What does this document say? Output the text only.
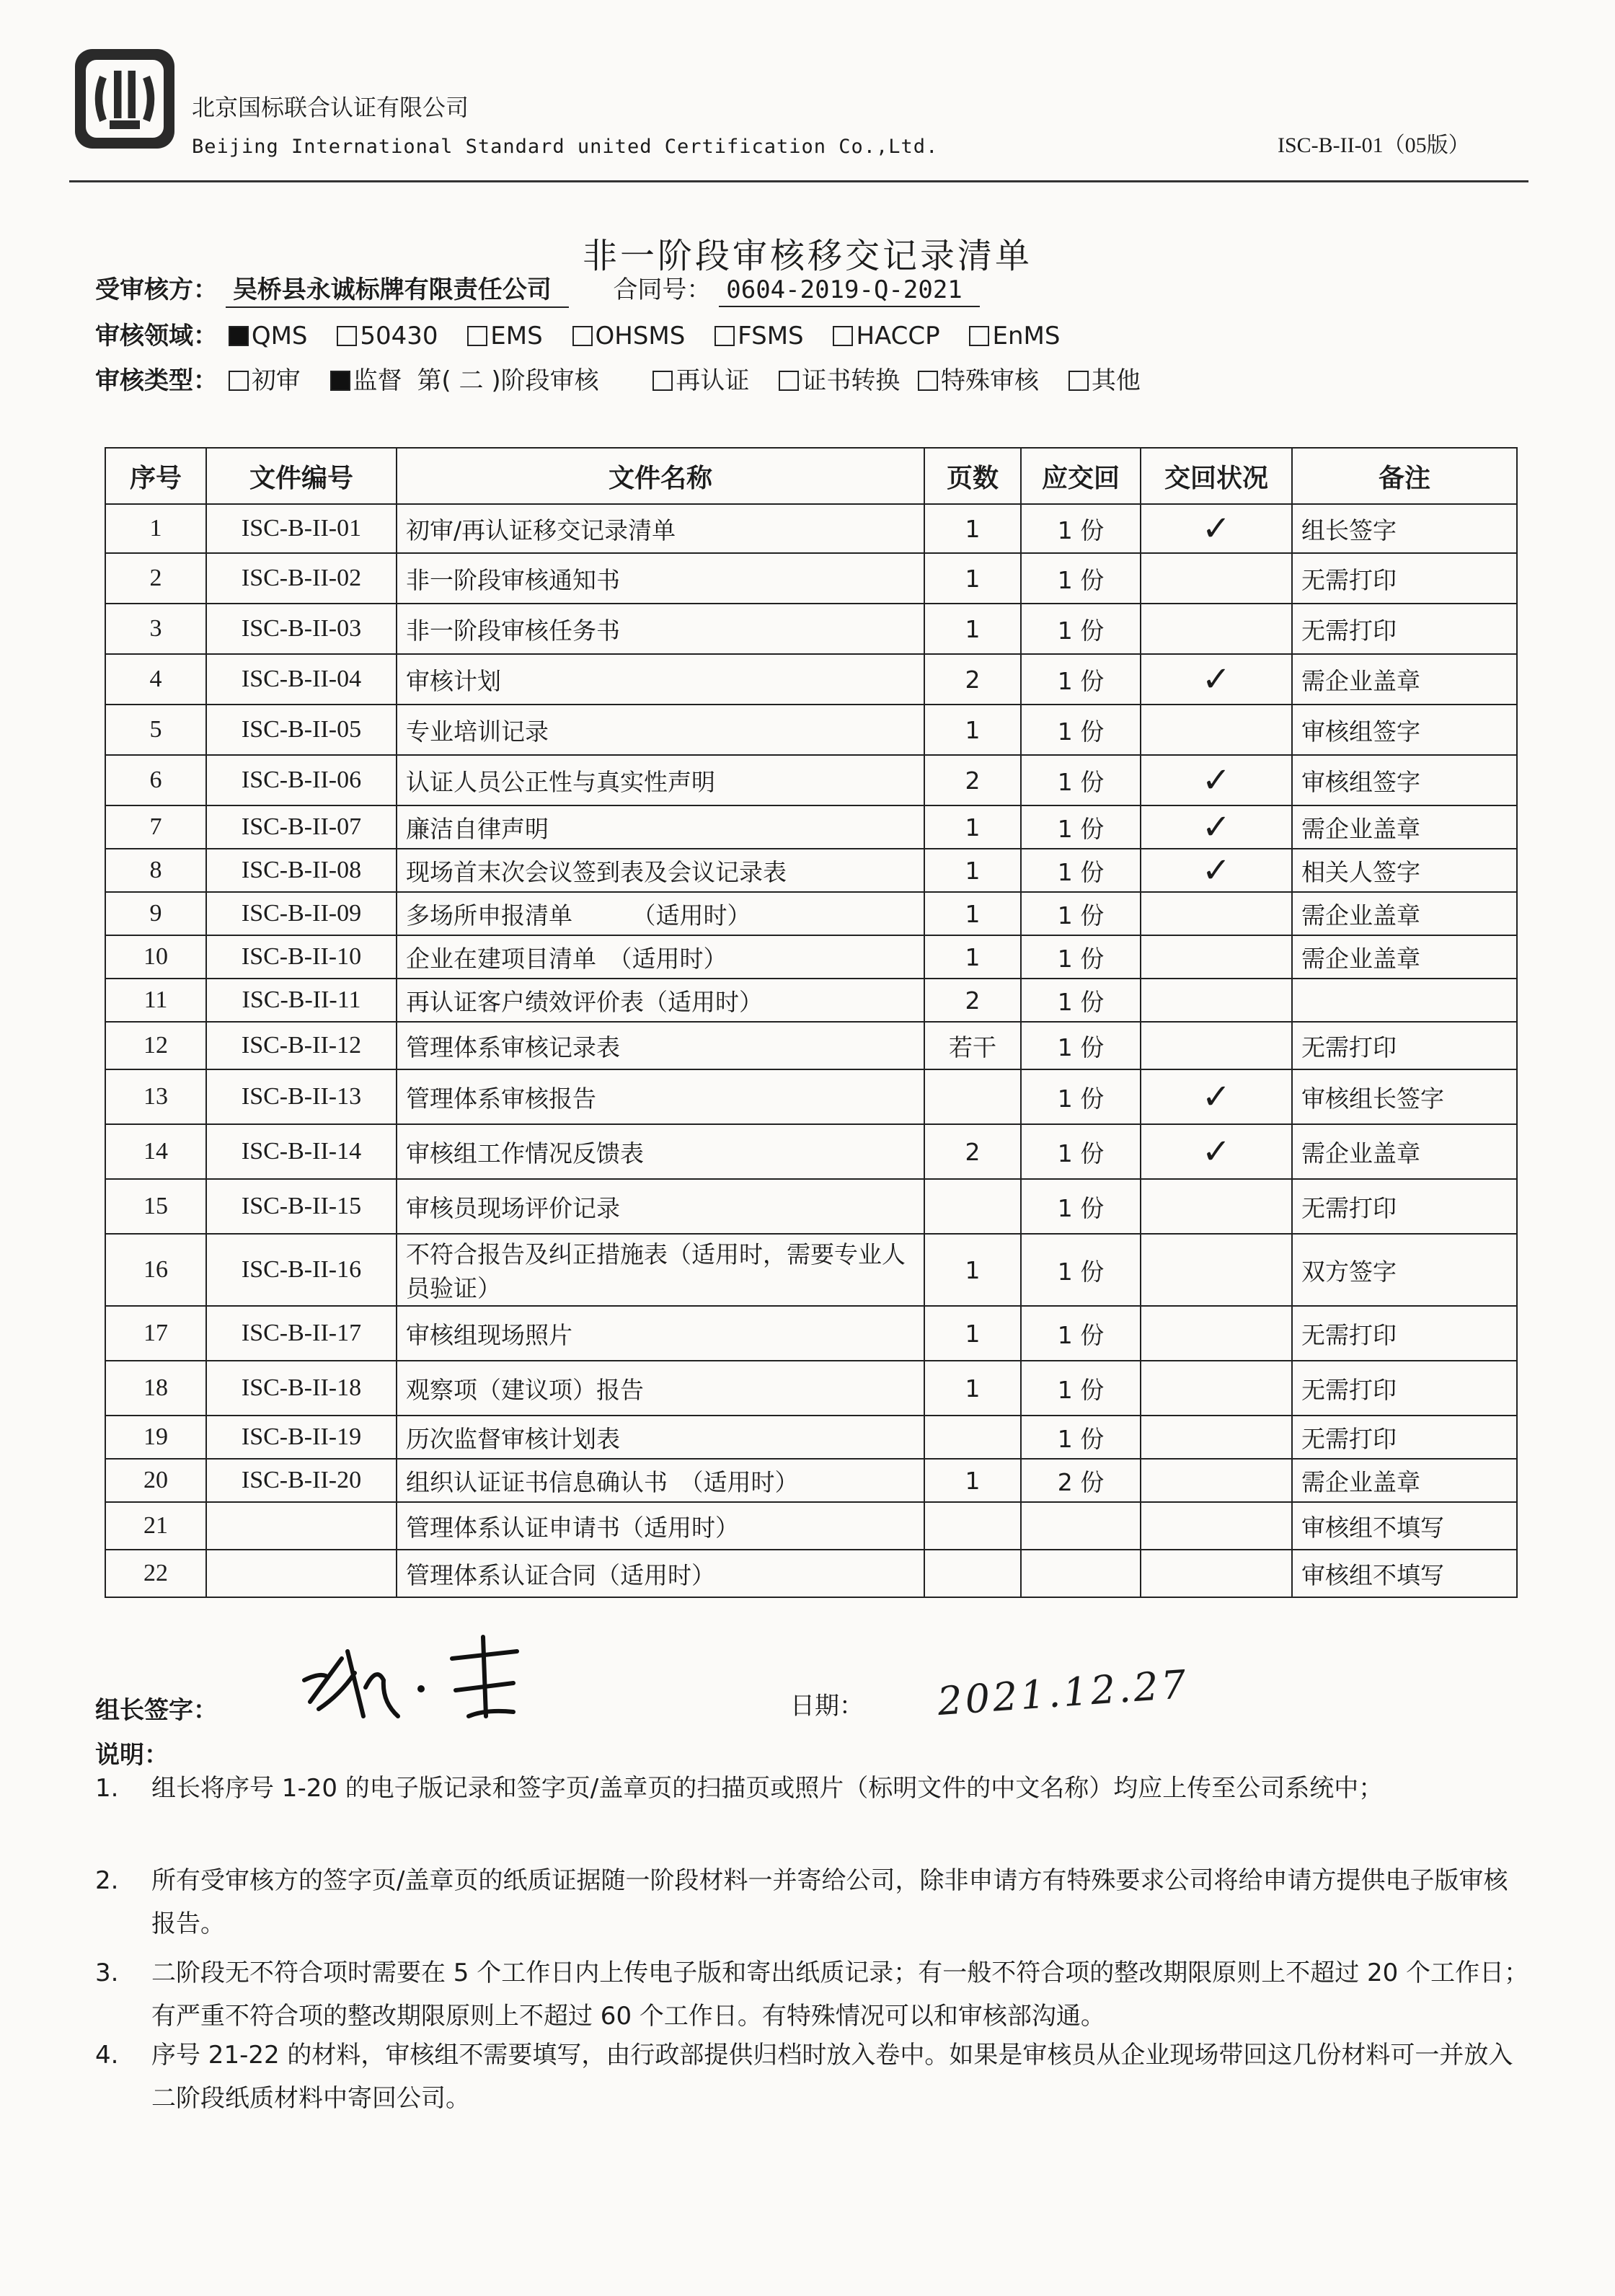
北京国标联合认证有限公司
Beijing International Standard united Certification Co.,Ltd.	ISC-B-II-01（05版）
非一阶段审核移交记录清单
受审核方： 吴桥县永诚标牌有限责任公司	合同号： 0604-2019-Q-2021
审核领域： QMS 50430 EMS OHSMS FSMS HACCP EnMS
审核类型： 初审 监督 第( 二 )阶段审核	再认证 证书转换 特殊审核 其他
序号	文件编号	文件名称	页数	应交回	交回状况	备注
1	ISC-B-II-01	初审/再认证移交记录清单	1	1 份	✓	组长签字
2	ISC-B-II-02	非一阶段审核通知书	1	1 份		无需打印
3	ISC-B-II-03	非一阶段审核任务书	1	1 份		无需打印
4	ISC-B-II-04	审核计划	2	1 份	✓	需企业盖章
5	ISC-B-II-05	专业培训记录	1	1 份		审核组签字
6	ISC-B-II-06	认证人员公正性与真实性声明	2	1 份	✓	审核组签字
7	ISC-B-II-07	廉洁自律声明	1	1 份	✓	需企业盖章
8	ISC-B-II-08	现场首末次会议签到表及会议记录表	1	1 份	✓	相关人签字
9	ISC-B-II-09	多场所申报清单　　　（适用时）	1	1 份		需企业盖章
10	ISC-B-II-10	企业在建项目清单　（适用时）	1	1 份		需企业盖章
11	ISC-B-II-11	再认证客户绩效评价表（适用时）	2	1 份		
12	ISC-B-II-12	管理体系审核记录表	若干	1 份		无需打印
13	ISC-B-II-13	管理体系审核报告		1 份	✓	审核组长签字
14	ISC-B-II-14	审核组工作情况反馈表	2	1 份	✓	需企业盖章
15	ISC-B-II-15	审核员现场评价记录		1 份		无需打印
16	ISC-B-II-16	不符合报告及纠正措施表（适用时，需要专业人员验证）	1	1 份		双方签字
17	ISC-B-II-17	审核组现场照片	1	1 份		无需打印
18	ISC-B-II-18	观察项（建议项）报告	1	1 份		无需打印
19	ISC-B-II-19	历次监督审核计划表		1 份		无需打印
20	ISC-B-II-20	组织认证证书信息确认书　（适用时）	1	2 份		需企业盖章
21		管理体系认证申请书（适用时）				审核组不填写
22		管理体系认证合同（适用时）				审核组不填写
组长签字：	日期： 2021.12.27
说明：
1. 组长将序号 1-20 的电子版记录和签字页/盖章页的扫描页或照片（标明文件的中文名称）均应上传至公司系统中；
2. 所有受审核方的签字页/盖章页的纸质证据随一阶段材料一并寄给公司，除非申请方有特殊要求公司将给申请方提供电子版审核报告。
3. 二阶段无不符合项时需要在 5 个工作日内上传电子版和寄出纸质记录；有一般不符合项的整改期限原则上不超过 20 个工作日；有严重不符合项的整改期限原则上不超过 60 个工作日。有特殊情况可以和审核部沟通。
4. 序号 21-22 的材料，审核组不需要填写，由行政部提供归档时放入卷中。如果是审核员从企业现场带回这几份材料可一并放入二阶段纸质材料中寄回公司。
